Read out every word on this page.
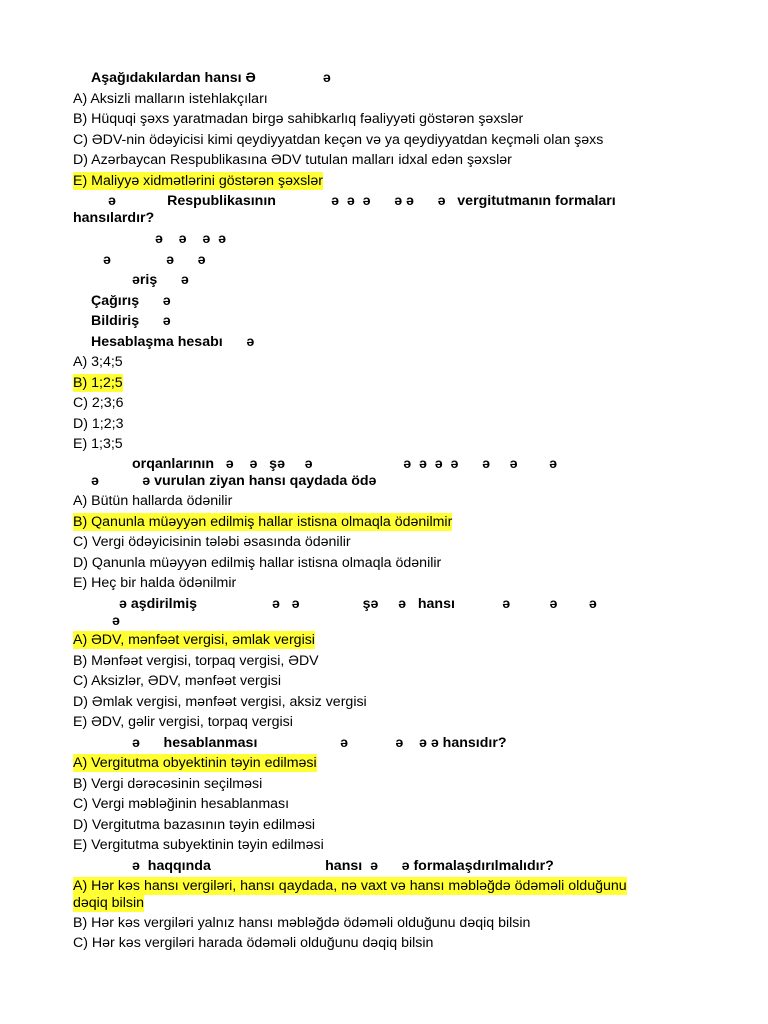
Aşağıdakılardan hansı Ə                 ə
A) Aksizli malların istehlakçıları
B) Hüquqi şəxs yaratmadan birgə sahibkarlıq fəaliyyəti göstərən şəxslər
C) ƏDV-nin ödəyicisi kimi qeydiyyatdan keçən və ya qeydiyyatdan keçməli olan şəxs
D) Azərbaycan Respublikasına ƏDV tutulan malları idxal edən şəxslər
E) Maliyyə xidmətlərini göstərən şəxslər
ə             Respublikasının              ə  ə  ə      ə ə      ə   vergitutmanın formaları
hansılardır?
ə    ə    ə  ə
ə              ə      ə
əriş      ə
Çağırış      ə
Bildiriş      ə
Hesablaşma hesabı      ə
A) 3;4;5
B) 1;2;5
C) 2;3;6
D) 1;2;3
E) 1;3;5
orqanlarının   ə    ə   şə     ə                       ə  ə  ə  ə      ə     ə        ə
ə           ə vurulan ziyan hansı qaydada ödə
A) Bütün hallarda ödənilir
B) Qanunla müəyyən edilmiş hallar istisna olmaqla ödənilmir
C) Vergi ödəyicisinin tələbi əsasında ödənilir
D) Qanunla müəyyən edilmiş hallar istisna olmaqla ödənilir
E) Heç bir halda ödənilmir
ə aşdirilmiş                   ə   ə                şə     ə   hansı            ə          ə        ə
ə
A) ƏDV, mənfəət vergisi, əmlak vergisi
B) Mənfəət vergisi, torpaq vergisi, ƏDV
C) Aksizlər, ƏDV, mənfəət vergisi
D) Əmlak vergisi, mənfəət vergisi, aksiz vergisi
E) ƏDV, gəlir vergisi, torpaq vergisi
ə      hesablanması                     ə            ə    ə ə hansıdır?
A) Vergitutma obyektinin təyin edilməsi
B) Vergi dərəcəsinin seçilməsi
C) Vergi məbləğinin hesablanması
D) Vergitutma bazasının təyin edilməsi
E) Vergitutma subyektinin təyin edilməsi
ə  haqqında                             hansı  ə      ə formalaşdırılmalıdır?
A) Hər kəs hansı vergiləri, hansı qaydada, nə vaxt və hansı məbləğdə ödəməli olduğunu
dəqiq bilsin
B) Hər kəs vergiləri yalnız hansı məbləğdə ödəməli olduğunu dəqiq bilsin
C) Hər kəs vergiləri harada ödəməli olduğunu dəqiq bilsin
